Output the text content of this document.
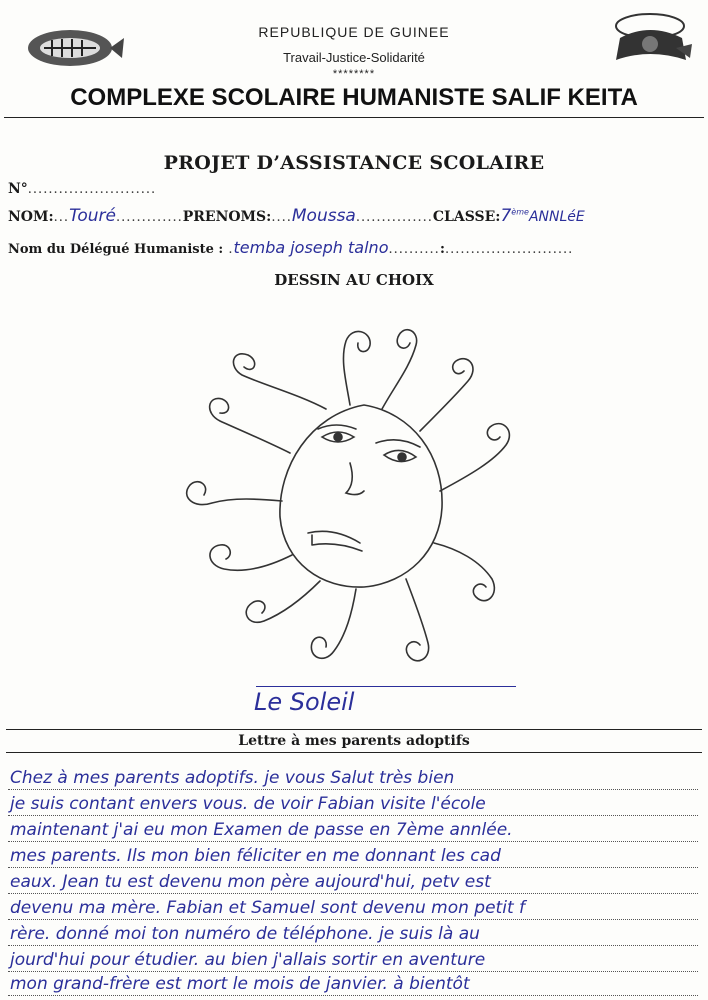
REPUBLIQUE DE GUINEE
Travail-Justice-Solidarité
********
COMPLEXE SCOLAIRE HUMANISTE SALIF KEITA
PROJET D’ASSISTANCE SCOLAIRE
N°.........................
NOM:...Touré.............PRENOMS:....Moussa...............CLASSE:7èmeANNLéE
Nom du Délégué Humaniste : .temba joseph talno..........:.........................
DESSIN AU CHOIX
Le Soleil
Lettre à mes parents adoptifs
Chez à mes parents adoptifs. je vous Salut très bien
je suis contant envers vous. de voir Fabian visite l'école
maintenant j'ai eu mon Examen de passe en 7ème annlée.
mes parents. Ils mon bien féliciter en me donnant les cad
eaux. Jean tu est devenu mon père aujourd'hui, petv est
devenu ma mère. Fabian et Samuel sont devenu mon petit f
rère. donné moi ton numéro de téléphone. je suis là au
jourd'hui pour étudier. au bien j'allais sortir en aventure
mon grand-frère est mort le mois de janvier. à bientôt
